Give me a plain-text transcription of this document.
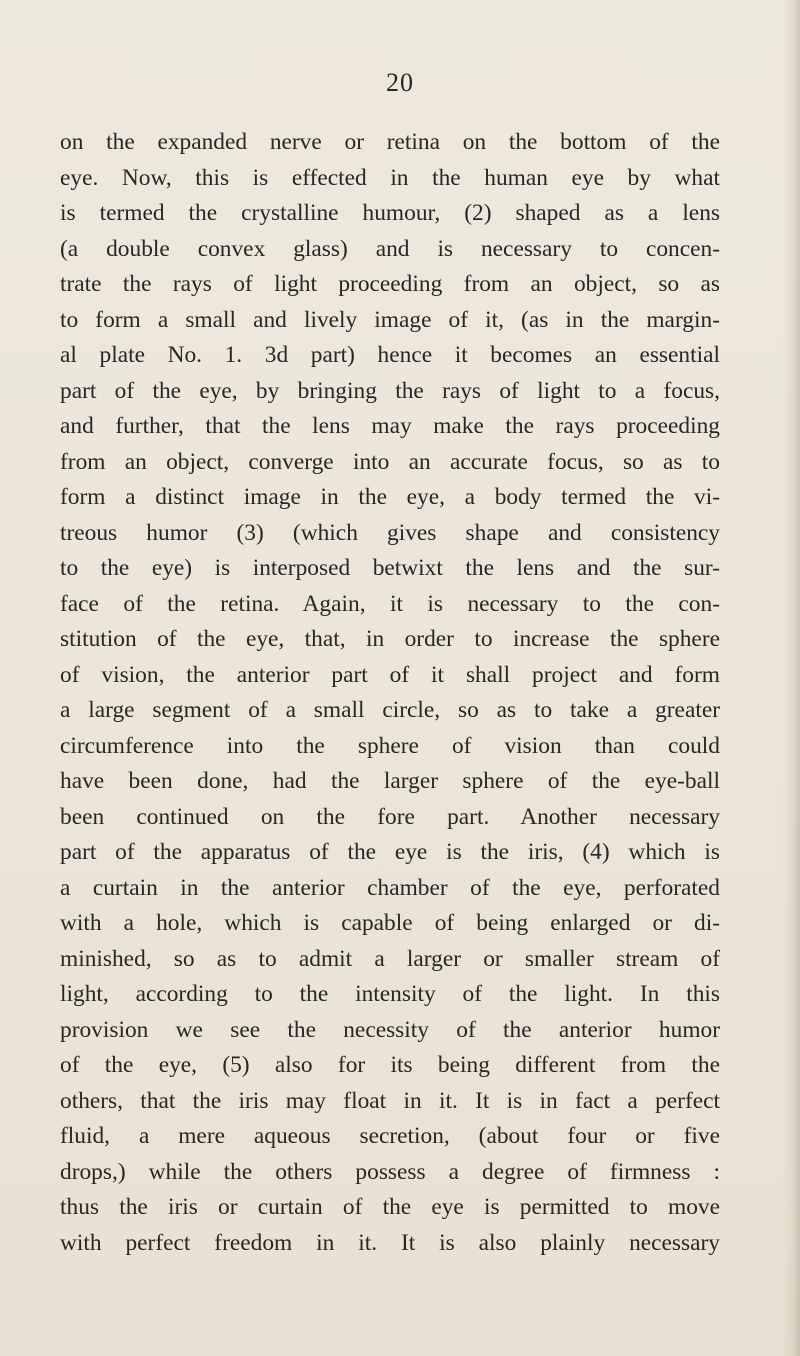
20
on the expanded nerve or retina on the bottom of the
eye. Now, this is effected in the human eye by what
is termed the crystalline humour, (2) shaped as a lens
(a double convex glass) and is necessary to concen-
trate the rays of light proceeding from an object, so as
to form a small and lively image of it, (as in the margin-
al plate No. 1. 3d part) hence it becomes an essential
part of the eye, by bringing the rays of light to a focus,
and further, that the lens may make the rays proceeding
from an object, converge into an accurate focus, so as to
form a distinct image in the eye, a body termed the vi-
treous humor (3) (which gives shape and consistency
to the eye) is interposed betwixt the lens and the sur-
face of the retina. Again, it is necessary to the con-
stitution of the eye, that, in order to increase the sphere
of vision, the anterior part of it shall project and form
a large segment of a small circle, so as to take a greater
circumference into the sphere of vision than could
have been done, had the larger sphere of the eye-ball
been continued on the fore part. Another necessary
part of the apparatus of the eye is the iris, (4) which is
a curtain in the anterior chamber of the eye, perforated
with a hole, which is capable of being enlarged or di-
minished, so as to admit a larger or smaller stream of
light, according to the intensity of the light. In this
provision we see the necessity of the anterior humor
of the eye, (5) also for its being different from the
others, that the iris may float in it. It is in fact a perfect
fluid, a mere aqueous secretion, (about four or five
drops,) while the others possess a degree of firmness :
thus the iris or curtain of the eye is permitted to move
with perfect freedom in it. It is also plainly necessary
